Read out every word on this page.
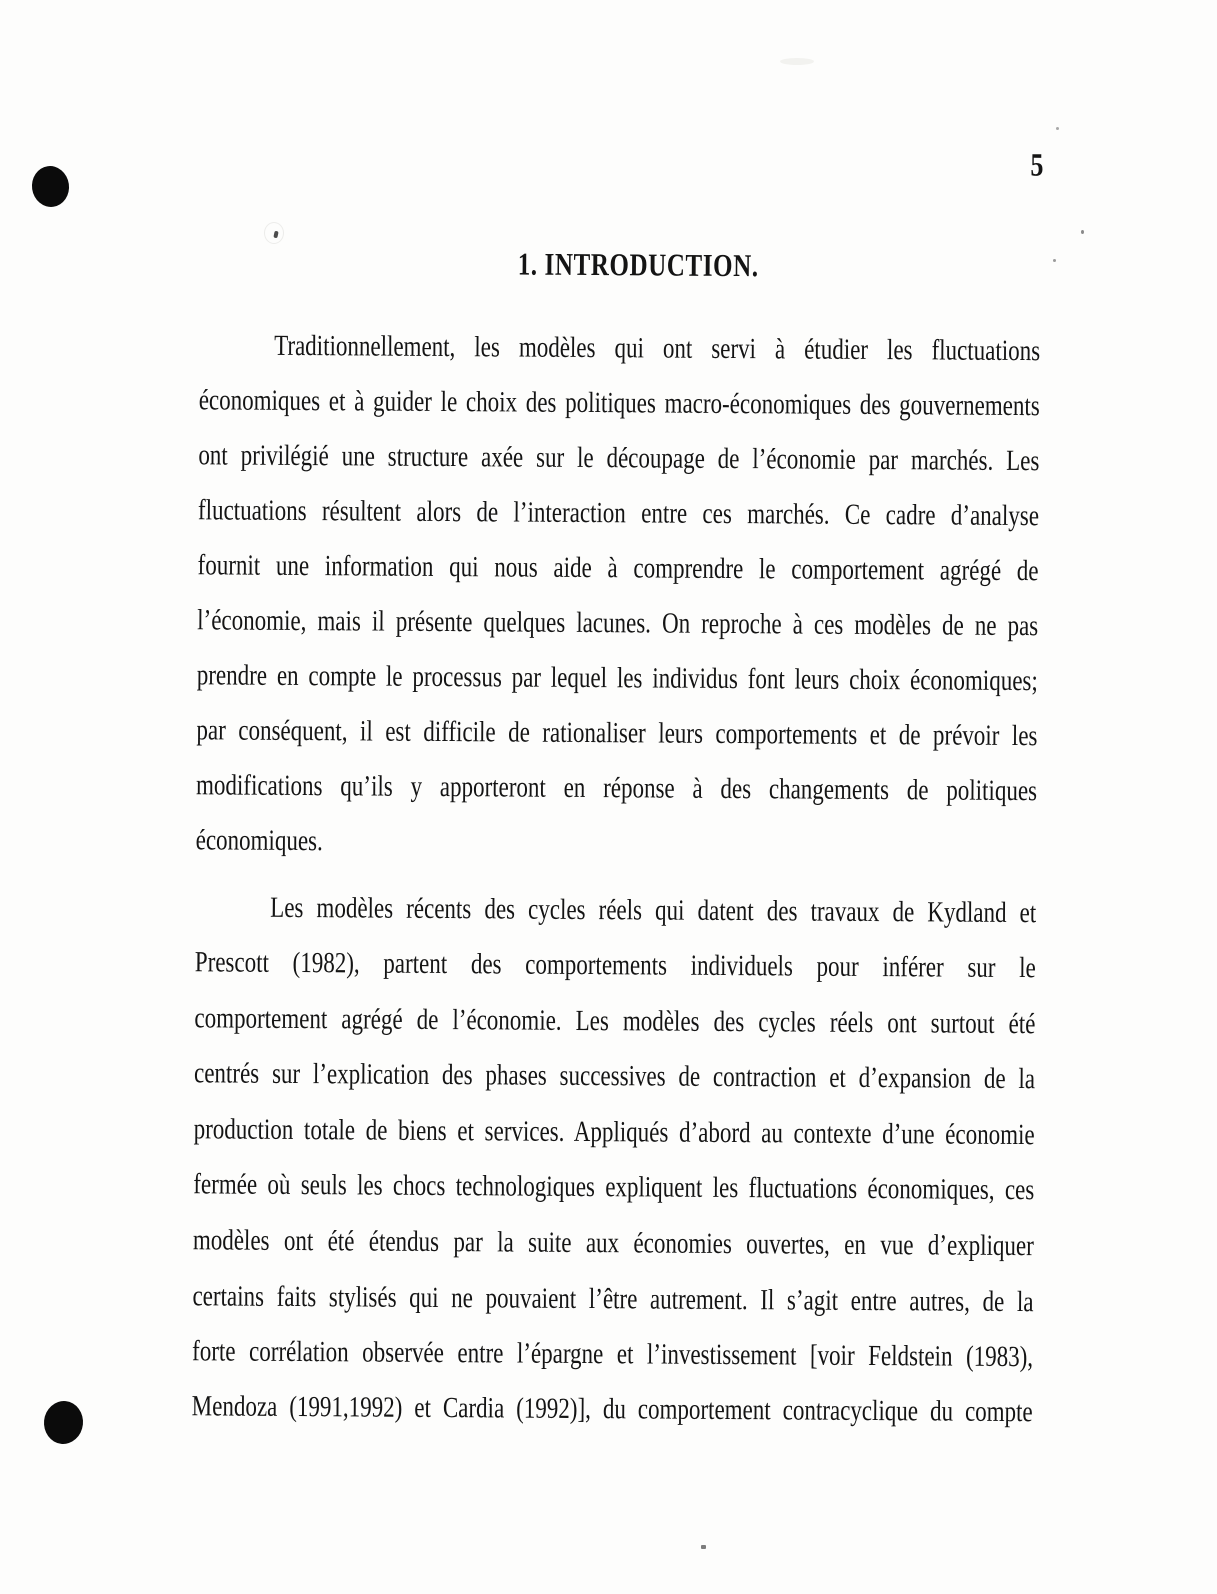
5
1. INTRODUCTION.
Traditionnellement, les modèles qui ont servi à étudier les fluctuations
économiques et à guider le choix des politiques macro-économiques des gouvernements
ont privilégié une structure axée sur le découpage de l’économie par marchés. Les
fluctuations résultent alors de l’interaction entre ces marchés. Ce cadre d’analyse
fournit une information qui nous aide à comprendre le comportement agrégé de
l’économie, mais il présente quelques lacunes. On reproche à ces modèles de ne pas
prendre en compte le processus par lequel les individus font leurs choix économiques;
par conséquent, il est difficile de rationaliser leurs comportements et de prévoir les
modifications qu’ils y apporteront en réponse à des changements de politiques
économiques.
Les modèles récents des cycles réels qui datent des travaux de Kydland et
Prescott (1982), partent des comportements individuels pour inférer sur le
comportement agrégé de l’économie. Les modèles des cycles réels ont surtout été
centrés sur l’explication des phases successives de contraction et d’expansion de la
production totale de biens et services. Appliqués d’abord au contexte d’une économie
fermée où seuls les chocs technologiques expliquent les fluctuations économiques, ces
modèles ont été étendus par la suite aux économies ouvertes, en vue d’expliquer
certains faits stylisés qui ne pouvaient l’être autrement. Il s’agit entre autres, de la
forte corrélation observée entre l’épargne et l’investissement [voir Feldstein (1983),
Mendoza (1991,1992) et Cardia (1992)], du comportement contracyclique du compte
